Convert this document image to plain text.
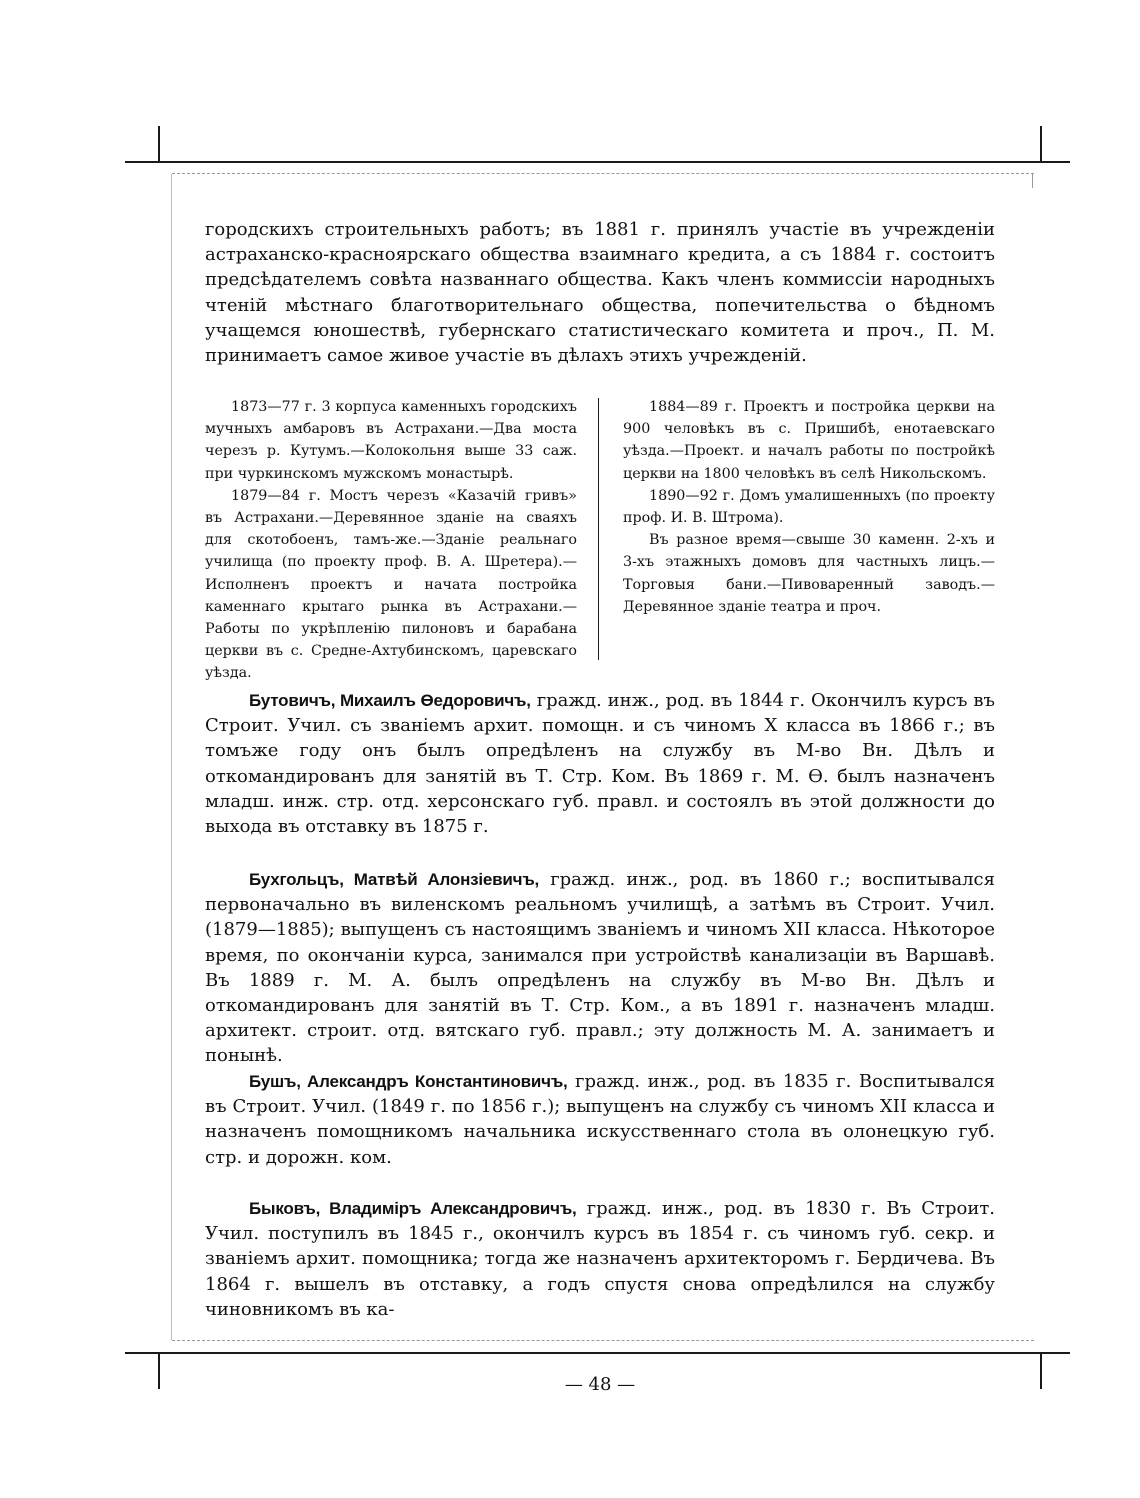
городскихъ строительныхъ работъ; въ 1881 г. принялъ участіе въ учрежденіи астраханско-красноярскаго общества взаимнаго кредита, а съ 1884 г. состоитъ предсѣдателемъ совѣта названнаго общества. Какъ членъ коммиссіи народныхъ чтеній мѣстнаго благотворительнаго общества, попечительства о бѣдномъ учащемся юношествѣ, губернскаго статистическаго комитета и проч., П. М. принимаетъ самое живое участіе въ дѣлахъ этихъ учрежденій.

1873—77 г. 3 корпуса каменныхъ городскихъ мучныхъ амбаровъ въ Астрахани.—Два моста черезъ р. Кутумъ.—Колокольня выше 33 саж. при чуркинскомъ мужскомъ монастырѣ.

1879—84 г. Мостъ черезъ «Казачій гривъ» въ Астрахани.—Деревянное зданіе на сваяхъ для скотобоенъ, тамъ-же.—Зданіе реальнаго училища (по проекту проф. В. А. Шретера).—Исполненъ проектъ и начата постройка каменнаго крытаго рынка въ Астрахани.—Работы по укрѣпленію пилоновъ и барабана церкви въ с. Средне-Ахтубинскомъ, царевскаго уѣзда.

1884—89 г. Проектъ и постройка церкви на 900 человѣкъ въ с. Пришибѣ, енотаевскаго уѣзда.—Проект. и началъ работы по постройкѣ церкви на 1800 человѣкъ въ селѣ Никольскомъ.

1890—92 г. Домъ умалишенныхъ (по проекту проф. И. В. Штрома).

Въ разное время—свыше 30 каменн. 2-хъ и 3-хъ этажныхъ домовъ для частныхъ лицъ.—Торговыя бани.—Пивоваренный заводъ.—Деревянное зданіе театра и проч.

Бутовичъ, Михаилъ Өедоровичъ, гражд. инж., род. въ 1844 г. Окончилъ курсъ въ Строит. Учил. съ званіемъ архит. помощн. и съ чиномъ X класса въ 1866 г.; въ томъже году онъ былъ опредѣленъ на службу въ М-во Вн. Дѣлъ и откомандированъ для занятій въ Т. Стр. Ком. Въ 1869 г. М. Ө. былъ назначенъ младш. инж. стр. отд. херсонскаго губ. правл. и состоялъ въ этой должности до выхода въ отставку въ 1875 г.
Бухгольцъ, Матвѣй Алонзіевичъ, гражд. инж., род. въ 1860 г.; воспитывался первоначально въ виленскомъ реальномъ училищѣ, а затѣмъ въ Строит. Учил. (1879—1885); выпущенъ съ настоящимъ званіемъ и чиномъ XII класса. Нѣкоторое время, по окончаніи курса, занимался при устройствѣ канализаціи въ Варшавѣ. Въ 1889 г. М. А. былъ опредѣленъ на службу въ М-во Вн. Дѣлъ и откомандированъ для занятій въ Т. Стр. Ком., а въ 1891 г. назначенъ младш. архитект. строит. отд. вятскаго губ. правл.; эту должность М. А. занимаетъ и понынѣ.
Бушъ, Александръ Константиновичъ, гражд. инж., род. въ 1835 г. Воспитывался въ Строит. Учил. (1849 г. по 1856 г.); выпущенъ на службу съ чиномъ XII класса и назначенъ помощникомъ начальника искусственнаго стола въ олонецкую губ. стр. и дорожн. ком.
Быковъ, Владиміръ Александровичъ, гражд. инж., род. въ 1830 г. Въ Строит. Учил. поступилъ въ 1845 г., окончилъ курсъ въ 1854 г. съ чиномъ губ. секр. и званіемъ архит. помощника; тогда же назначенъ архитекторомъ г. Бердичева. Въ 1864 г. вышелъ въ отставку, а годъ спустя снова опредѣлился на службу чиновникомъ въ ка-
— 48 —
